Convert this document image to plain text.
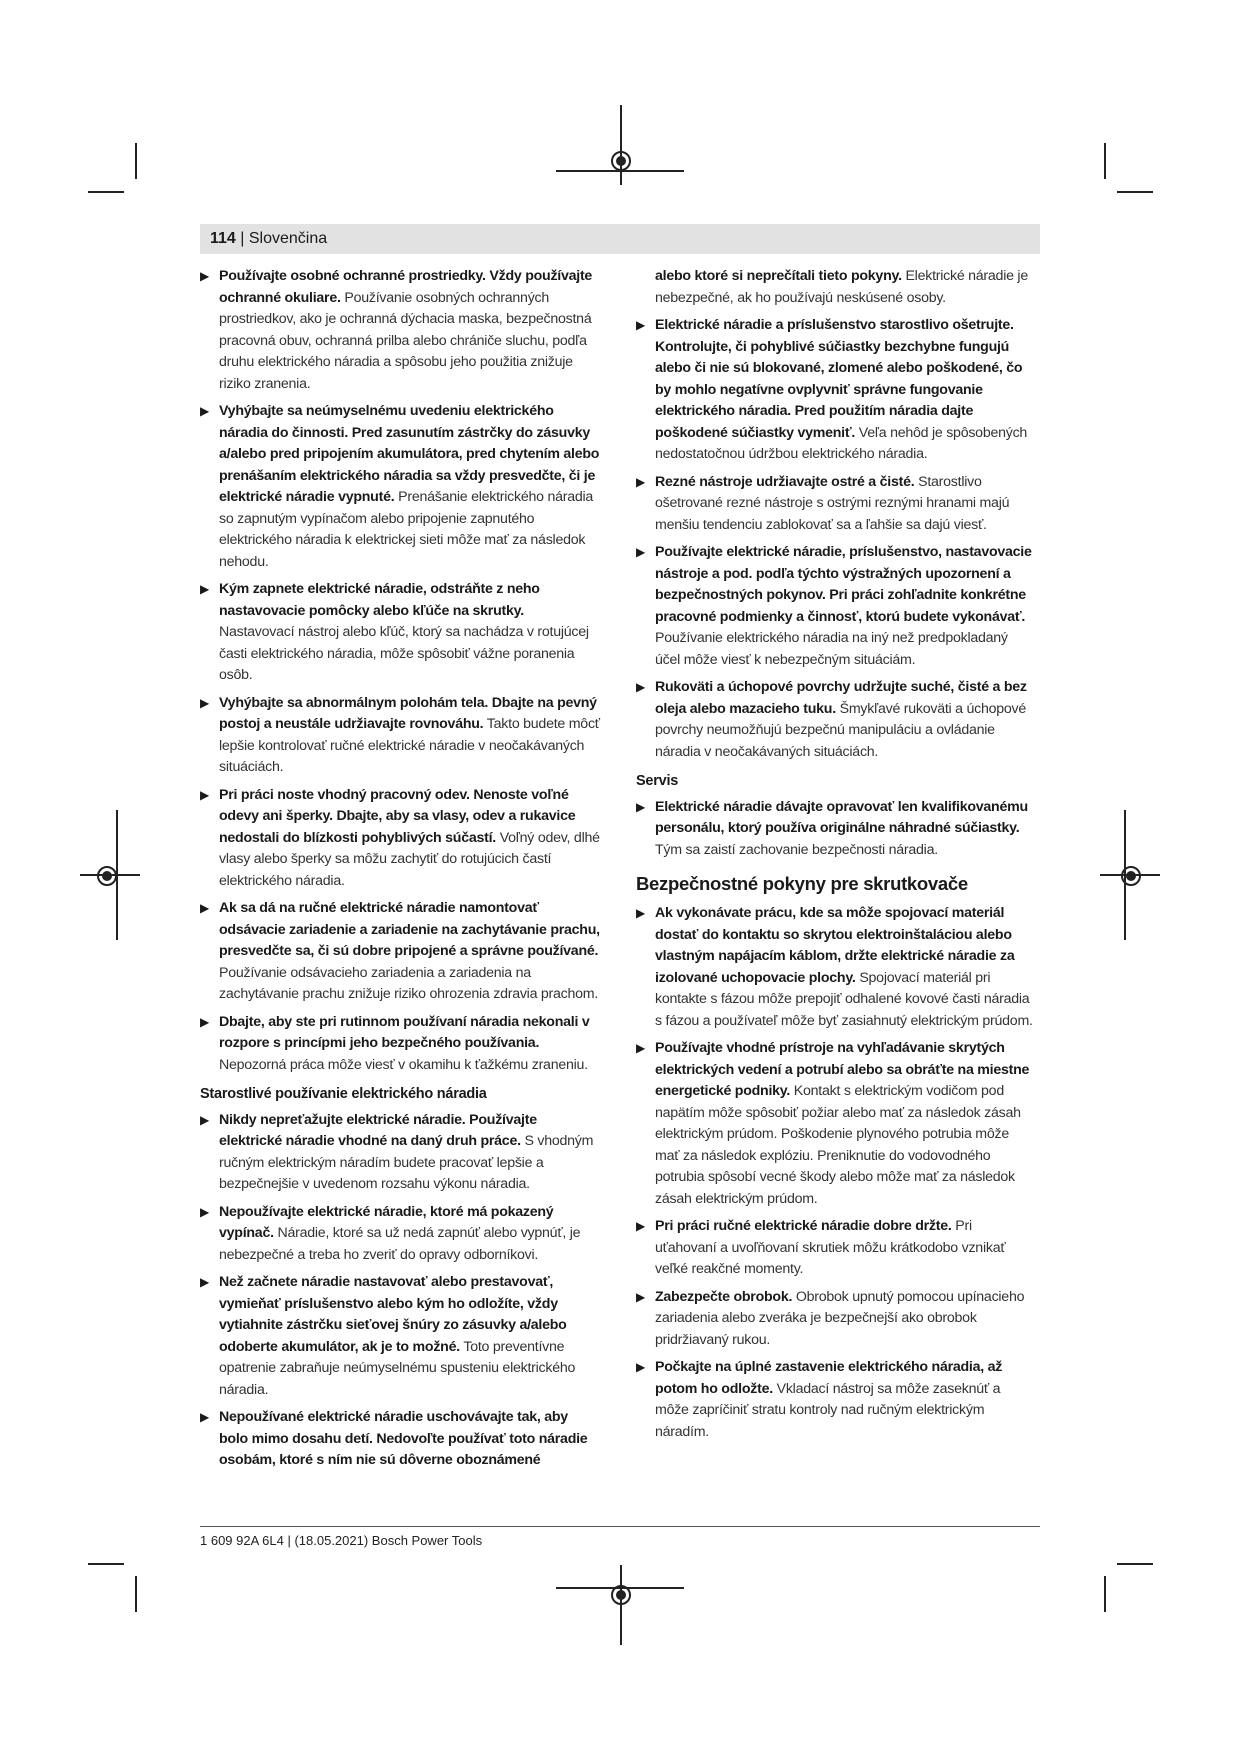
114 | Slovenčina
▶ Používajte osobné ochranné prostriedky. Vždy používajte ochranné okuliare. Používanie osobných ochranných prostriedkov, ako je ochranná dýchacia maska, bezpečnostná pracovná obuv, ochranná prilba alebo chrániče sluchu, podľa druhu elektrického náradia a spôsobu jeho použitia znižuje riziko zranenia.
▶ Vyhýbajte sa neúmyselnému uvedeniu elektrického náradia do činnosti. Pred zasunutím zástrčky do zásuvky a/alebo pred pripojením akumulátora, pred chytením alebo prenášaním elektrického náradia sa vždy presvedčte, či je elektrické náradie vypnuté. Prenášanie elektrického náradia so zapnutým vypínačom alebo pripojenie zapnutého elektrického náradia k elektrickej sieti môže mať za následok nehodu.
▶ Kým zapnete elektrické náradie, odstráňte z neho nastavovacie pomôcky alebo kľúče na skrutky. Nastavovací nástroj alebo kľúč, ktorý sa nachádza v rotujúcej časti elektrického náradia, môže spôsobiť vážne poranenia osôb.
▶ Vyhýbajte sa abnormálnym polohám tela. Dbajte na pevný postoj a neustále udržiavajte rovnováhu. Takto budete môcť lepšie kontrolovať ručné elektrické náradie v neočakávaných situáciách.
▶ Pri práci noste vhodný pracovný odev. Nenoste voľné odevy ani šperky. Dbajte, aby sa vlasy, odev a rukavice nedostali do blízkosti pohyblivých súčastí. Voľný odev, dlhé vlasy alebo šperky sa môžu zachytiť do rotujúcich častí elektrického náradia.
▶ Ak sa dá na ručné elektrické náradie namontovať odsávacie zariadenie a zariadenie na zachytávanie prachu, presvedčte sa, či sú dobre pripojené a správne používané. Používanie odsávacieho zariadenia a zariadenia na zachytávanie prachu znižuje riziko ohrozenia zdravia prachom.
▶ Dbajte, aby ste pri rutinnom používaní náradia nekonali v rozpore s princípmi jeho bezpečného používania. Nepozorná práca môže viesť v okamihu k ťažkému zraneniu.
Starostlivé používanie elektrického náradia
▶ Nikdy nepreťažujte elektrické náradie. Používajte elektrické náradie vhodné na daný druh práce. S vhodným ručným elektrickým náradím budete pracovať lepšie a bezpečnejšie v uvedenom rozsahu výkonu náradia.
▶ Nepoužívajte elektrické náradie, ktoré má pokazený vypínač. Náradie, ktoré sa už nedá zapnúť alebo vypnúť, je nebezpečné a treba ho zveriť do opravy odborníkovi.
▶ Než začnete náradie nastavovať alebo prestavovať, vymieňať príslušenstvo alebo kým ho odložíte, vždy vytiahnite zástrčku sieťovej šnúry zo zásuvky a/alebo odoberte akumulátor, ak je to možné. Toto preventívne opatrenie zabraňuje neúmyselnému spusteniu elektrického náradia.
▶ Nepoužívané elektrické náradie uschovávajte tak, aby bolo mimo dosahu detí. Nedovoľte používať toto náradie osobám, ktoré s ním nie sú dôverne oboznámené
alebo ktoré si neprečítali tieto pokyny. Elektrické náradie je nebezpečné, ak ho používajú neskúsené osoby.
▶ Elektrické náradie a príslušenstvo starostlivo ošetrujte. Kontrolujte, či pohyblivé súčiastky bezchybne fungujú alebo či nie sú blokované, zlomené alebo poškodené, čo by mohlo negatívne ovplyvniť správne fungovanie elektrického náradia. Pred použitím náradia dajte poškodené súčiastky vymeniť. Veľa nehôd je spôsobených nedostatočnou údržbou elektrického náradia.
▶ Rezné nástroje udržiavajte ostré a čisté. Starostlivo ošetrované rezné nástroje s ostrými reznými hranami majú menšiu tendenciu zablokovať sa a ľahšie sa dajú viesť.
▶ Používajte elektrické náradie, príslušenstvo, nastavovacie nástroje a pod. podľa týchto výstražných upozornení a bezpečnostných pokynov. Pri práci zohľadnite konkrétne pracovné podmienky a činnosť, ktorú budete vykonávať. Používanie elektrického náradia na iný než predpokladaný účel môže viesť k nebezpečným situáciám.
▶ Rukoväti a úchopové povrchy udržujte suché, čisté a bez oleja alebo mazacieho tuku. Šmykľavé rukoväti a úchopové povrchy neumožňujú bezpečnú manipuláciu a ovládanie náradia v neočakávaných situáciách.
Servis
▶ Elektrické náradie dávajte opravovať len kvalifikovanému personálu, ktorý používa originálne náhradné súčiastky. Tým sa zaistí zachovanie bezpečnosti náradia.
Bezpečnostné pokyny pre skrutkovače
▶ Ak vykonávate prácu, kde sa môže spojovací materiál dostať do kontaktu so skrytou elektroinštaláciou alebo vlastným napájacím káblom, držte elektrické náradie za izolované uchopovacie plochy. Spojovací materiál pri kontakte s fázou môže prepojiť odhalené kovové časti náradia s fázou a používateľ môže byť zasiahnutý elektrickým prúdom.
▶ Používajte vhodné prístroje na vyhľadávanie skrytých elektrických vedení a potrubí alebo sa obráťte na miestne energetické podniky. Kontakt s elektrickým vodičom pod napätím môže spôsobiť požiar alebo mať za následok zásah elektrickým prúdom. Poškodenie plynového potrubia môže mať za následok explóziu. Preniknutie do vodovodného potrubia spôsobí vecné škody alebo môže mať za následok zásah elektrickým prúdom.
▶ Pri práci ručné elektrické náradie dobre držte. Pri uťahovaní a uvoľňovaní skrutiek môžu krátkodobo vznikať veľké reakčné momenty.
▶ Zabezpečte obrobok. Obrobok upnutý pomocou upínacieho zariadenia alebo zveráka je bezpečnejší ako obrobok pridržiavaný rukou.
▶ Počkajte na úplné zastavenie elektrického náradia, až potom ho odložte. Vkladací nástroj sa môže zaseknúť a môže zapríčiniť stratu kontroly nad ručným elektrickým náradím.
1 609 92A 6L4 | (18.05.2021) Bosch Power Tools
